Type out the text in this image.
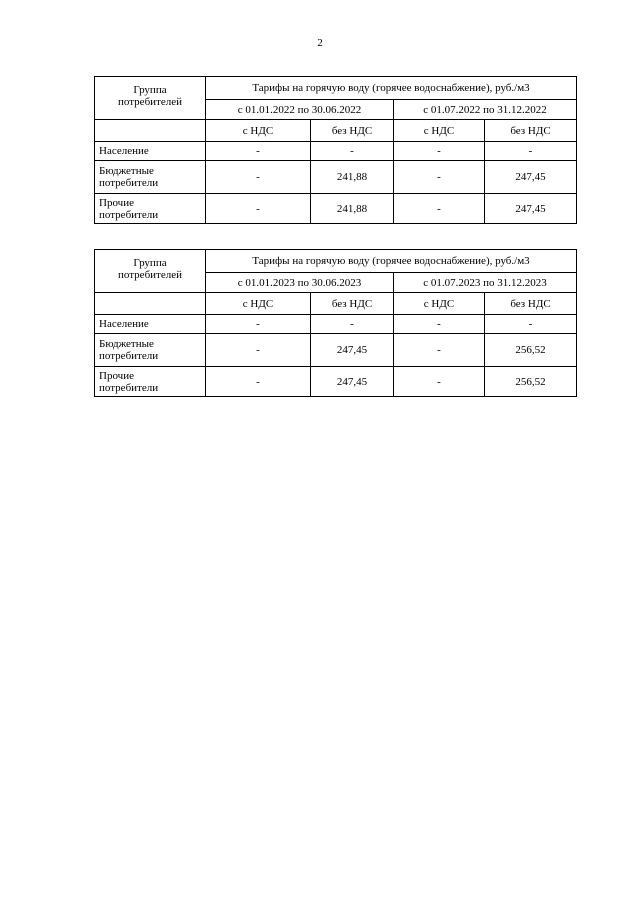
2
Группа
потребителей	Тарифы на горячую воду (горячее водоснабжение), руб./м3			
	с 01.01.2022 по 30.06.2022		с 01.07.2022 по 31.12.2022	
	с НДС	без НДС	с НДС	без НДС
Население	-	-	-	-
Бюджетные
потребители	-	241,88	-	247,45
Прочие
потребители	-	241,88	-	247,45
Группа
потребителей	Тарифы на горячую воду (горячее водоснабжение), руб./м3			
	с 01.01.2023 по 30.06.2023		с 01.07.2023 по 31.12.2023	
	с НДС	без НДС	с НДС	без НДС
Население	-	-	-	-
Бюджетные
потребители	-	247,45	-	256,52
Прочие
потребители	-	247,45	-	256,52
